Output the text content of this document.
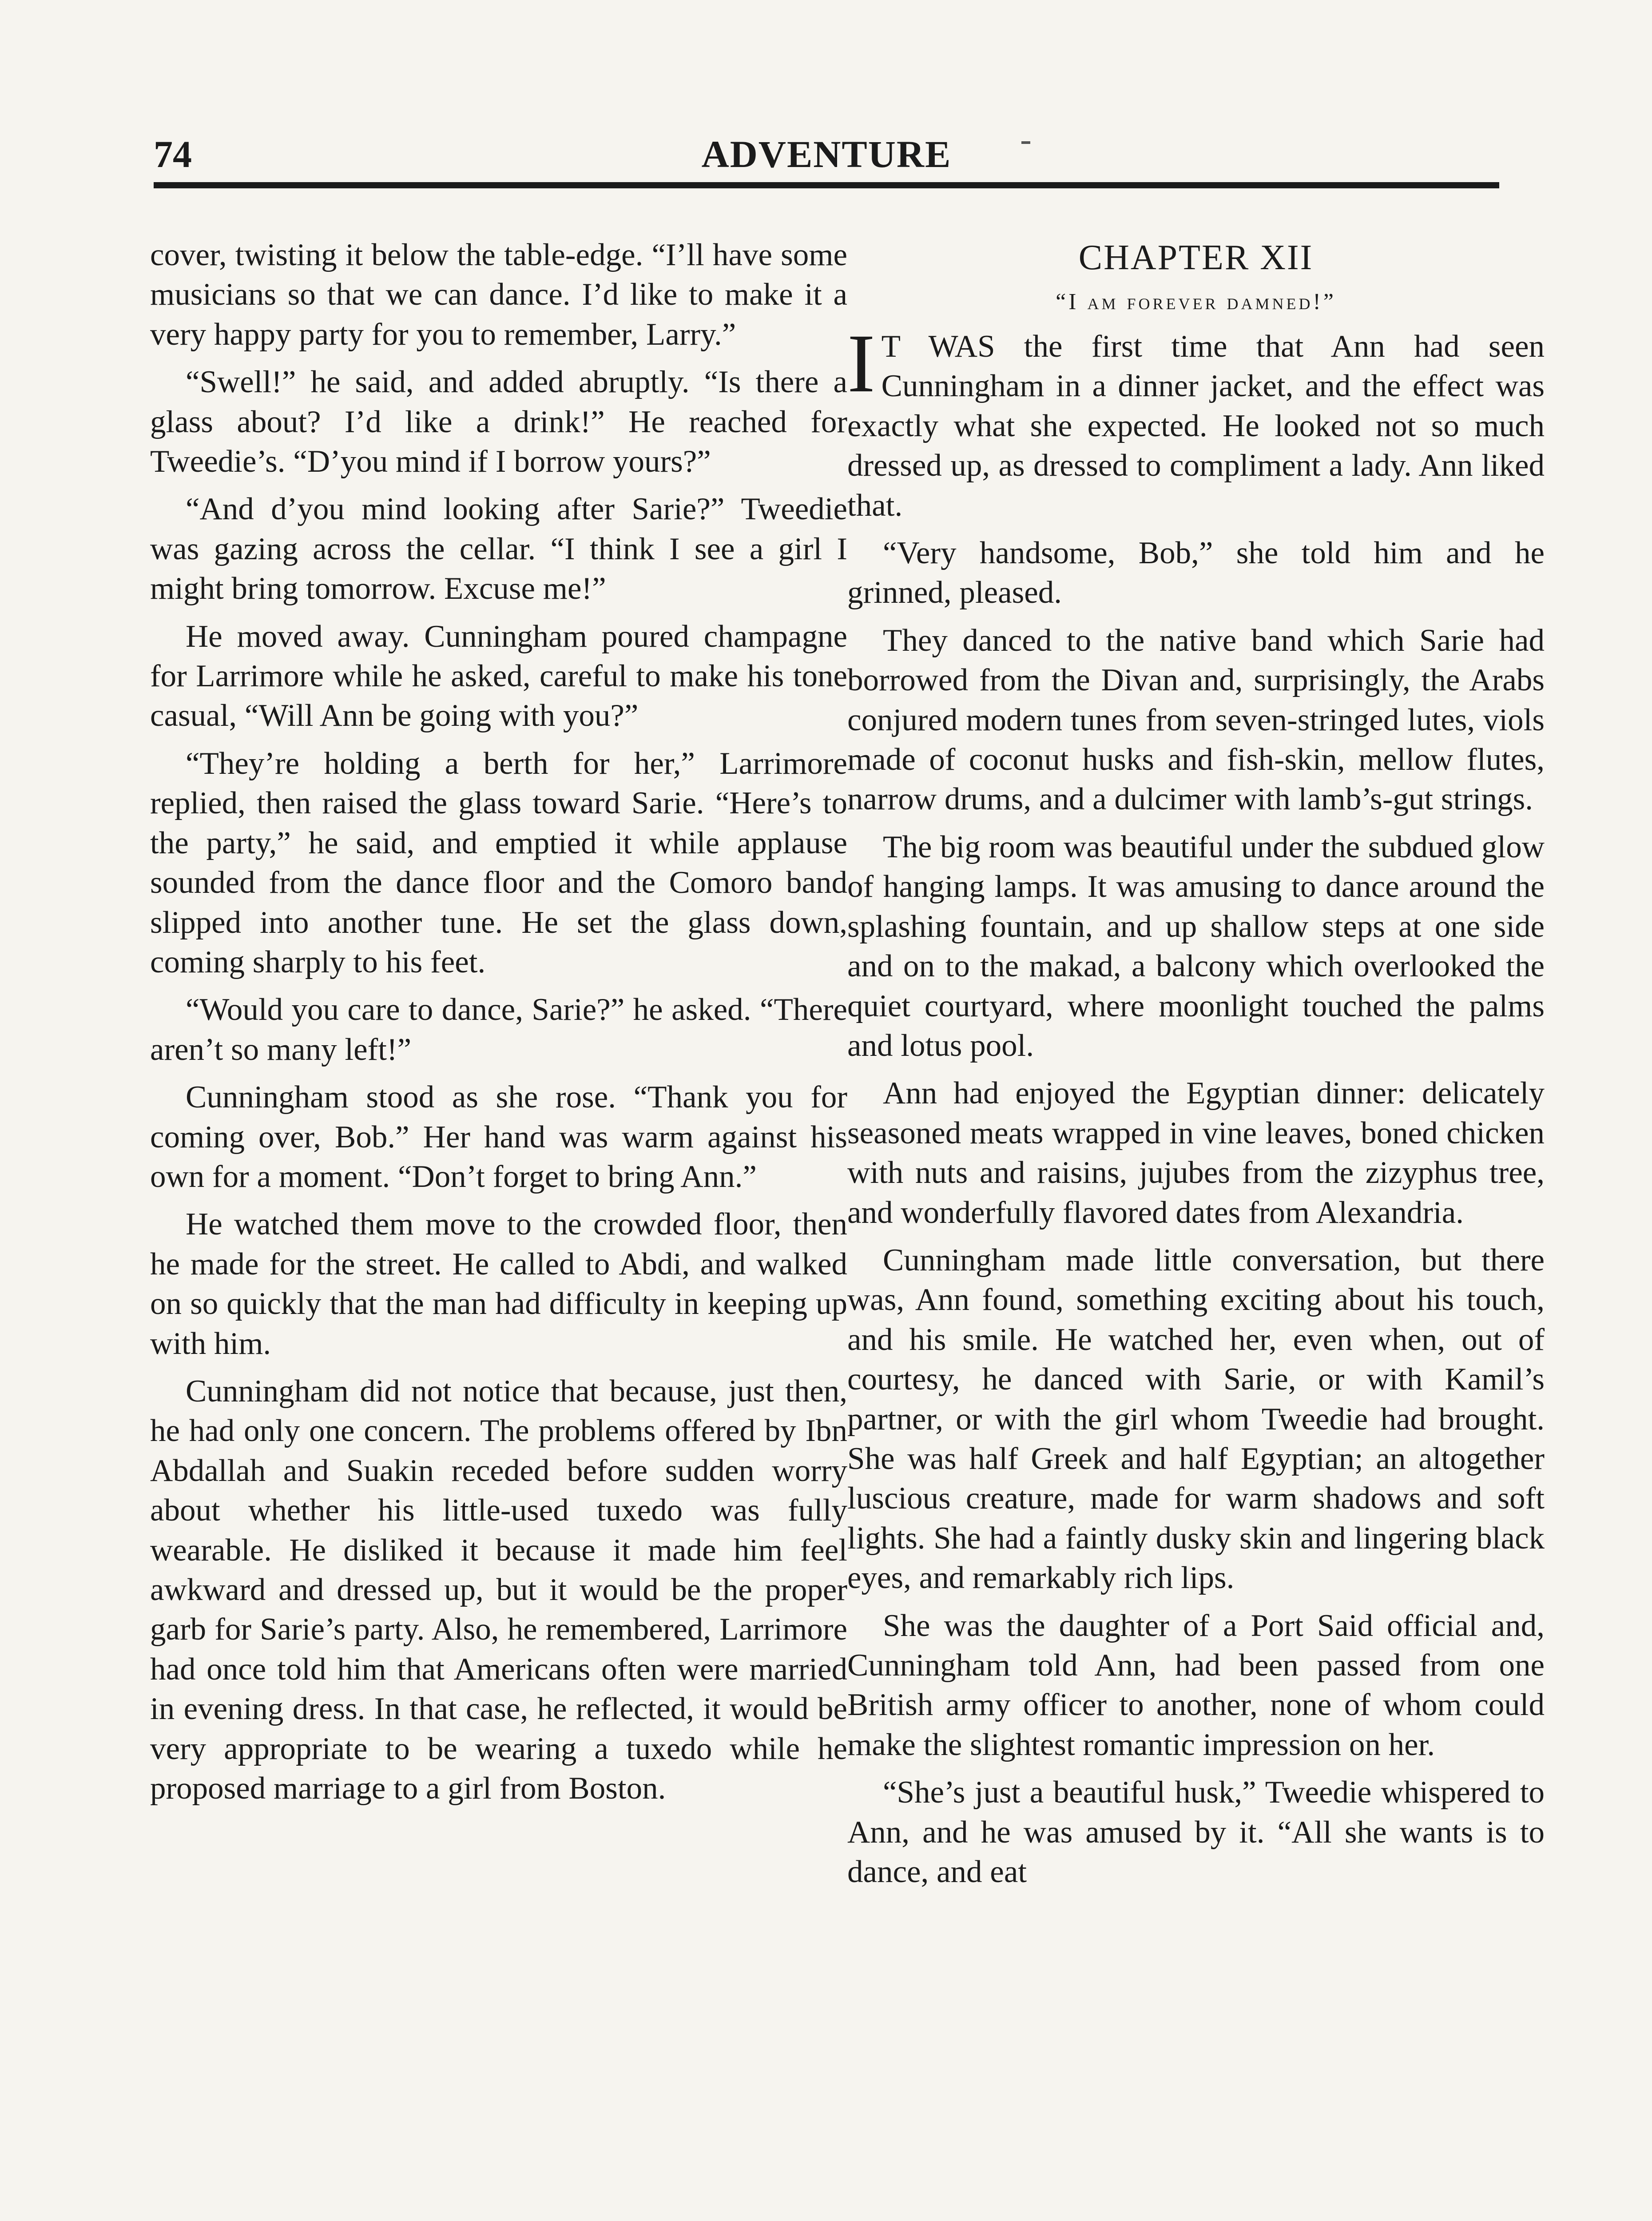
74	ADVENTURE

cover, twisting it below the table-edge. “I’ll have some musicians so that we can dance. I’d like to make it a very happy party for you to remember, Larry.”

“Swell!” he said, and added abruptly. “Is there a glass about? I’d like a drink!” He reached for Tweedie’s. “D’you mind if I borrow yours?”

“And d’you mind looking after Sarie?” Tweedie was gazing across the cellar. “I think I see a girl I might bring tomorrow. Excuse me!”

He moved away. Cunningham poured champagne for Larrimore while he asked, careful to make his tone casual, “Will Ann be going with you?”

“They’re holding a berth for her,” Larrimore replied, then raised the glass toward Sarie. “Here’s to the party,” he said, and emptied it while applause sounded from the dance floor and the Comoro band slipped into another tune. He set the glass down, coming sharply to his feet.

“Would you care to dance, Sarie?” he asked. “There aren’t so many left!”

Cunningham stood as she rose. “Thank you for coming over, Bob.” Her hand was warm against his own for a moment. “Don’t forget to bring Ann.”

He watched them move to the crowded floor, then he made for the street. He called to Abdi, and walked on so quickly that the man had difficulty in keeping up with him.

Cunningham did not notice that because, just then, he had only one concern. The problems offered by Ibn Abdallah and Suakin receded before sudden worry about whether his little-used tuxedo was fully wearable. He disliked it because it made him feel awkward and dressed up, but it would be the proper garb for Sarie’s party. Also, he remembered, Larrimore had once told him that Americans often were married in evening dress. In that case, he reflected, it would be very appropriate to be wearing a tuxedo while he proposed marriage to a girl from Boston.

CHAPTER XII
“I am forever damned!”

IT WAS the first time that Ann had seen Cunningham in a dinner jacket, and the effect was exactly what she expected. He looked not so much dressed up, as dressed to compliment a lady. Ann liked that.

“Very handsome, Bob,” she told him and he grinned, pleased.

They danced to the native band which Sarie had borrowed from the Divan and, surprisingly, the Arabs conjured modern tunes from seven-stringed lutes, viols made of coconut husks and fish-skin, mellow flutes, narrow drums, and a dulcimer with lamb’s-gut strings.

The big room was beautiful under the subdued glow of hanging lamps. It was amusing to dance around the splashing fountain, and up shallow steps at one side and on to the makad, a balcony which overlooked the quiet courtyard, where moonlight touched the palms and lotus pool.

Ann had enjoyed the Egyptian dinner: delicately seasoned meats wrapped in vine leaves, boned chicken with nuts and raisins, jujubes from the zizyphus tree, and wonderfully flavored dates from Alexandria.

Cunningham made little conversation, but there was, Ann found, something exciting about his touch, and his smile. He watched her, even when, out of courtesy, he danced with Sarie, or with Kamil’s partner, or with the girl whom Tweedie had brought. She was half Greek and half Egyptian; an altogether luscious creature, made for warm shadows and soft lights. She had a faintly dusky skin and lingering black eyes, and remarkably rich lips.

She was the daughter of a Port Said official and, Cunningham told Ann, had been passed from one British army officer to another, none of whom could make the slightest romantic impression on her.

“She’s just a beautiful husk,” Tweedie whispered to Ann, and he was amused by it. “All she wants is to dance, and eat
